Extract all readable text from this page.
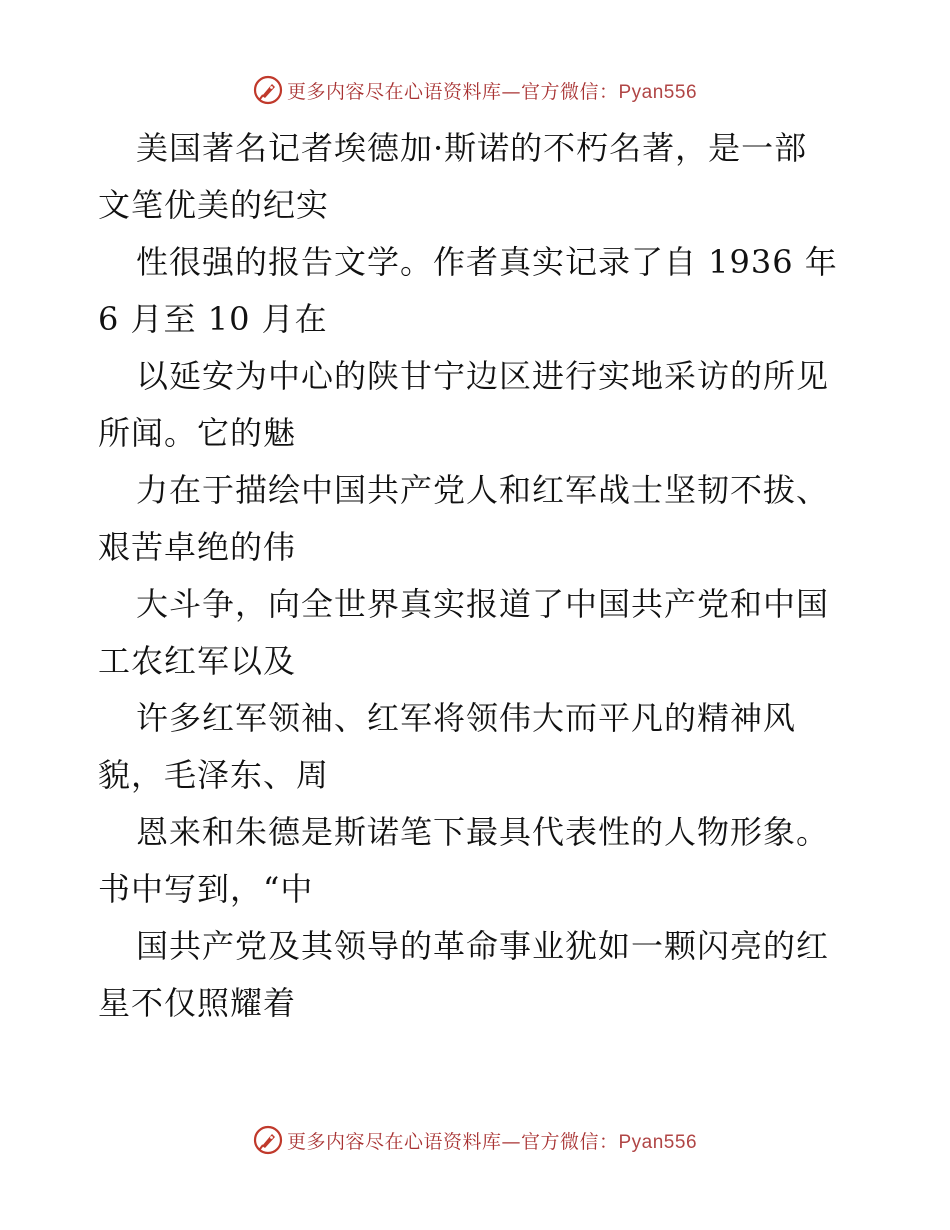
更多内容尽在心语资料库—官方微信：Pyan556
美国著名记者埃德加·斯诺的不朽名著，是一部
文笔优美的纪实
性很强的报告文学。作者真实记录了自 1936 年
6 月至 10 月在
以延安为中心的陕甘宁边区进行实地采访的所见
所闻。它的魅
力在于描绘中国共产党人和红军战士坚韧不拔、
艰苦卓绝的伟
大斗争，向全世界真实报道了中国共产党和中国
工农红军以及
许多红军领袖、红军将领伟大而平凡的精神风
貌，毛泽东、周
恩来和朱德是斯诺笔下最具代表性的人物形象。
书中写到，“中
国共产党及其领导的革命事业犹如一颗闪亮的红
星不仅照耀着
更多内容尽在心语资料库—官方微信：Pyan556
